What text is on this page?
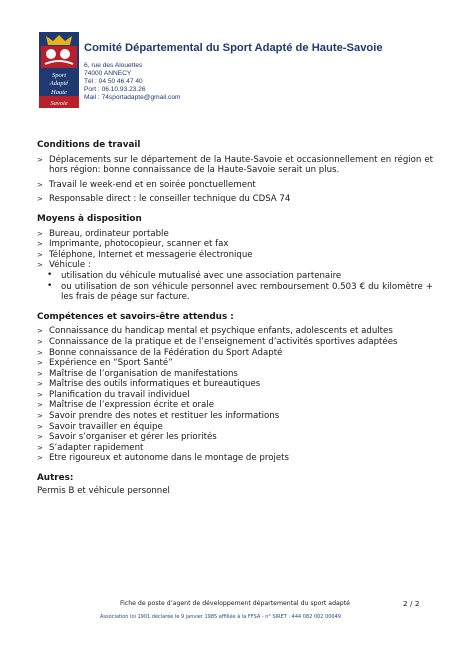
Sport
Adapté
Haute
Savoie
Comité Départemental du Sport Adapté de Haute-Savoie
6, rue des Alouettes
74000 ANNECY
Tél : 04 50 46 47 40
Port : 06.10.93.23.26
Mail : 74sportadapte@gmail.com
Conditions de travail
> Déplacements sur le département de la Haute-Savoie et occasionnellement en région et hors région: bonne connaissance de la Haute-Savoie serait un plus.
> Travail le week-end et en soirée ponctuellement
> Responsable direct : le conseiller technique du CDSA 74
Moyens à disposition
> Bureau, ordinateur portable
> Imprimante, photocopieur, scanner et fax
> Téléphone, Internet et messagerie électronique
> Véhicule :
• utilisation du véhicule mutualisé avec une association partenaire
• ou utilisation de son véhicule personnel avec remboursement 0.503 € du kilomètre + les frais de péage sur facture.
Compétences et savoirs-être attendus :
> Connaissance du handicap mental et psychique enfants, adolescents et adultes
> Connaissance de la pratique et de l’enseignement d’activités sportives adaptées
> Bonne connaissance de la Fédération du Sport Adapté
> Expérience en “Sport Santé”
> Maîtrise de l’organisation de manifestations
> Maîtrise des outils informatiques et bureautiques
> Planification du travail individuel
> Maîtrise de l’expression écrite et orale
> Savoir prendre des notes et restituer les informations
> Savoir travailler en équipe
> Savoir s’organiser et gérer les priorités
> S’adapter rapidement
> Etre rigoureux et autonome dans le montage de projets
Autres:
Permis B et véhicule personnel
Fiche de poste d’agent de développement départemental du sport adapté	2 / 2
Association loi 1901 déclarée le 9 janvier 1985 affiliée à la FFSA - n° SIRET : 444 082 002 00049
